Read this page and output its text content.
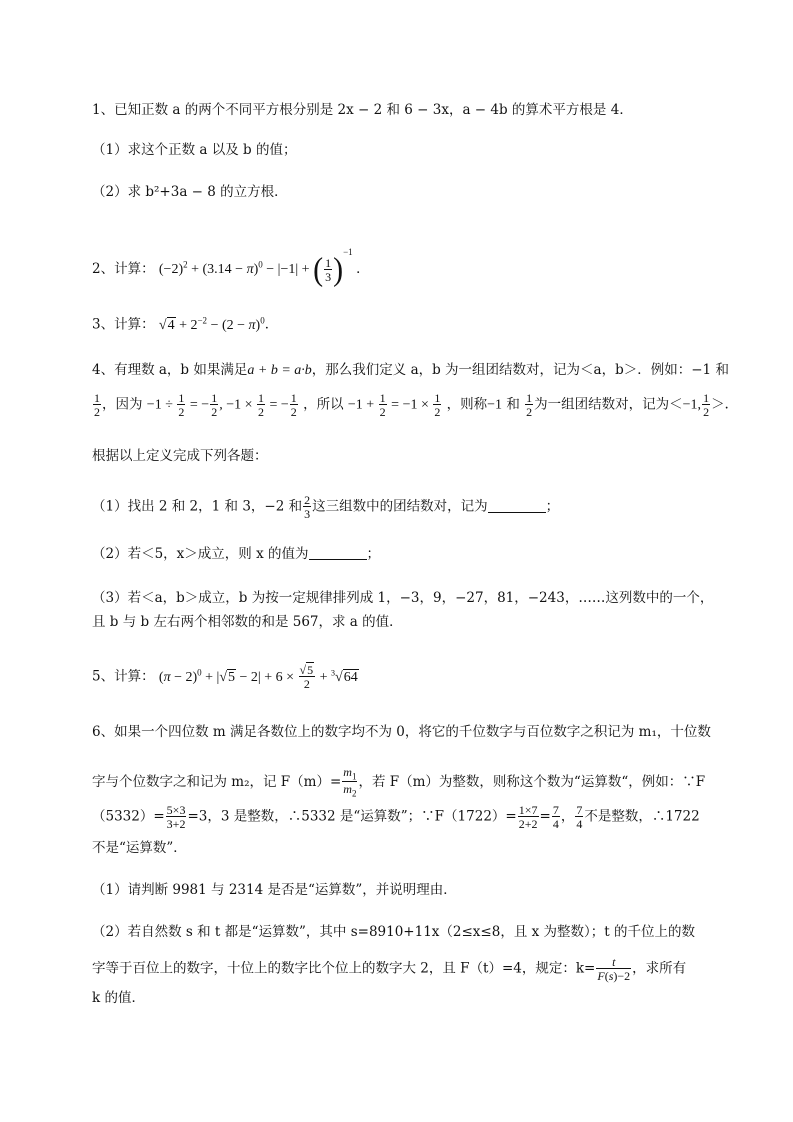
1、已知正数 a 的两个不同平方根分别是 2x − 2 和 6 − 3x，a − 4b 的算术平方根是 4．
（1）求这个正数 a 以及 b 的值；
（2）求 b²+3a − 8 的立方根．
2、计算： $(-2)^2 + (3.14 - \pi)^0 - |-1|$ + ( $\frac{1}{3} )^{-1}$ ．
3、计算： $√4 + 2^{-2} - (2 - \pi)^0$．
4、有理数 a，b 如果满足a + b = a·b，那么我们定义 a，b 为一组团结数对，记为＜a，b＞．例如：−1 和
$\frac{1}{2}$ ，因为 $-1 \div \frac{1}{2}$ = − $\frac{1}{2}$ , $-1 \times \frac{1}{2}$ = − $\frac{1}{2}$ ，所以 $-1 + \frac{1}{2} = -1 \times \frac{1}{2}$ ，则称−1 和 $\frac{1}{2}$ 为一组团结数对，记为＜−1, $\frac{1}{2}$ ＞.
根据以上定义完成下列各题：
（1）找出 2 和 2，1 和 3，−2 和 $\frac{2}{3}$ 这三组数中的团结数对，记为	；
（2）若＜5，x＞成立，则 x 的值为	；
（3）若＜a，b＞成立，b 为按一定规律排列成 1，−3，9，−27，81，−243，……这列数中的一个，
且 b 与 b 左右两个相邻数的和是 567，求 a 的值．
5、计算： $(\pi - 2)^0 + |√5 - 2| + 6 \times \frac{√5}{2} + ^3√64$
6、如果一个四位数 m 满足各数位上的数字均不为 0，将它的千位数字与百位数字之积记为 m₁，十位数
字与个位数字之和记为 m₂，记 $F(m)= \frac{m_1}{m_2}$ ，若 F（m）为整数，则称这个数为“运算数“，例如：∵F
$(5332)= \frac{5\times 3}{3+2} =3$，3 是整数，∴5332 是“运算数”；∵F（1722）= $\frac{1\times 7}{2+2} = \frac{7}{4}$ ， $\frac{7}{4}$ 不是整数，∴1722
不是“运算数”．
（1）请判断 9981 与 2314 是否是“运算数”，并说明理由．
（2）若自然数 s 和 t 都是“运算数”，其中 s=8910+11x（2≤x≤8，且 x 为整数）；t 的千位上的数
字等于百位上的数字，十位上的数字比个位上的数字大 2，且 F（t）=4，规定：$k= \frac{t}{F(s)-2}$ ，求所有
k 的值．
